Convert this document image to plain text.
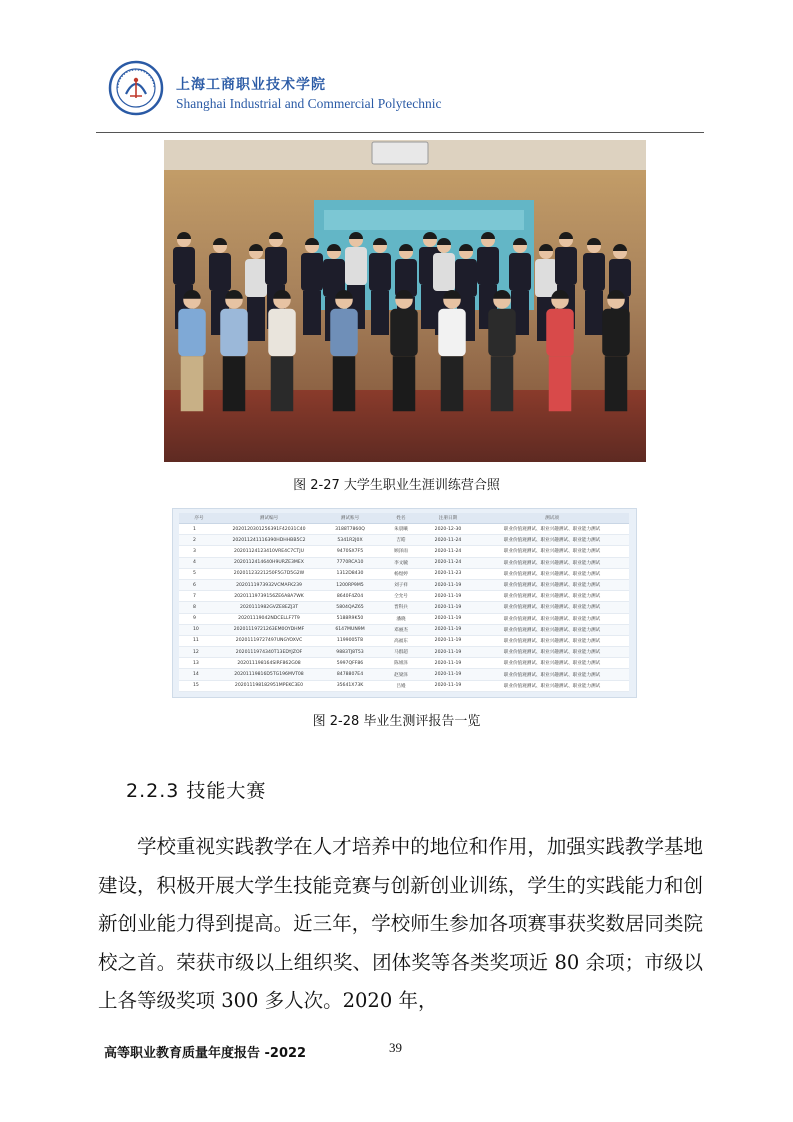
上海工商职业技术学院
Shanghai Industrial and Commercial Polytechnic
图 2-27 大学生职业生涯训练营合照
序号	测试编号	测试账号	姓名	注册日期	测试项
1	2020120301256391F42031C40	3188T7860Q	朱晨曦	2020-12-30	职业价值观测试、职业兴趣测试、职业能力测试
2	202011241116390HDHHBB5C2	5341R2J0X	吉皓	2020-11-24	职业价值观测试、职业兴趣测试、职业能力测试
3	20201124123410VRE4C7CTJU	9470SX7F5	顾泽雨	2020-11-24	职业价值观测试、职业兴趣测试、职业能力测试
4	2020112414640H9URZE3MEX	7770RCA10	李文毓	2020-11-24	职业价值观测试、职业兴趣测试、职业能力测试
5	20201123221250F5G7D5G2W	1312D8430	杨煜婷	2020-11-23	职业价值观测试、职业兴趣测试、职业能力测试
6	2020111973932VCMAFK239	1200RP9M5	刘子祥	2020-11-19	职业价值观测试、职业兴趣测试、职业能力测试
7	20201119739156ZE6A8A7WK	8640F4Z04	仝允号	2020-11-19	职业价值观测试、职业兴趣测试、职业能力测试
8	2020111982GVZE8EZJ3T	5804QAZ65	晋科兵	2020-11-19	职业价值观测试、职业兴趣测试、职业能力测试
9	20201119042NDCELLF7T9	5188R9K50	潘晓	2020-11-19	职业价值观测试、职业兴趣测试、职业能力测试
10	20201119721263EM0OYDHMF	6147MUN9M	邓丽杰	2020-11-19	职业价值观测试、职业兴趣测试、职业能力测试
11	20201119727497UNGYOXVC	1199005T8	高福东	2020-11-19	职业价值观测试、职业兴趣测试、职业能力测试
12	2020111974340T13EDYJZOF	9883TJ8T53	马群超	2020-11-19	职业价值观测试、职业兴趣测试、职业能力测试
13	202011198164SIRF862G08	5997QFF86	陈姐泽	2020-11-19	职业价值观测试、职业兴趣测试、职业能力测试
14	20201119816D5TG196MVT08	8478807E4	赵梁泽	2020-11-19	职业价值观测试、职业兴趣测试、职业能力测试
15	202011198182951MPEKC3E0	35641X73K	吕嫚	2020-11-19	职业价值观测试、职业兴趣测试、职业能力测试
图 2-28 毕业生测评报告一览
2.2.3 技能大赛
学校重视实践教学在人才培养中的地位和作用，加强实践教学基地建设，积极开展大学生技能竞赛与创新创业训练，学生的实践能力和创新创业能力得到提高。近三年，学校师生参加各项赛事获奖数居同类院校之首。荣获市级以上组织奖、团体奖等各类奖项近 80 余项；市级以上各等级奖项 300 多人次。2020 年，
高等职业教育质量年度报告 -2022	39
